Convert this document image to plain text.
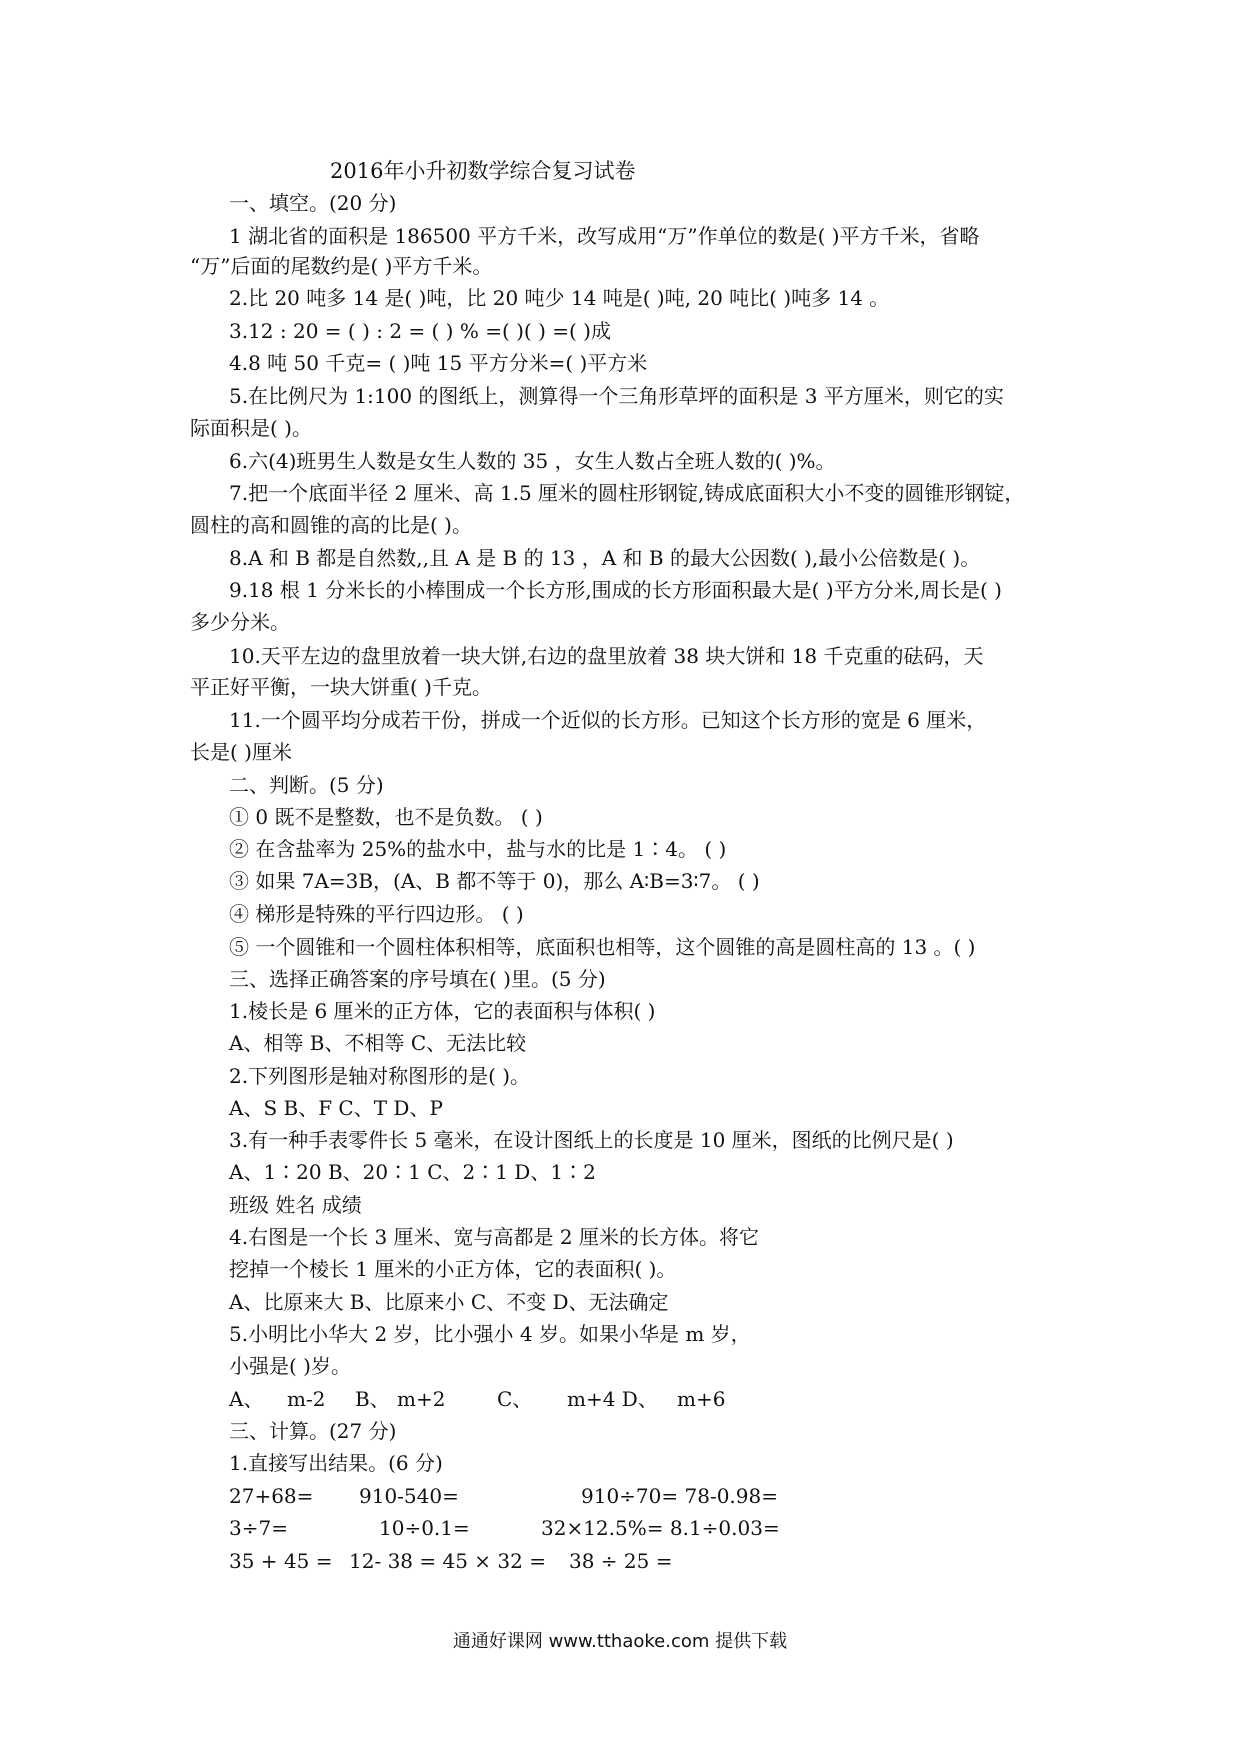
2016年小升初数学综合复习试卷

一、填空。(20 分)

1 湖北省的面积是 186500 平方千米，改写成用“万”作单位的数是( )平方千米，省略

“万”后面的尾数约是( )平方千米。

2.比 20 吨多 14 是( )吨，比 20 吨少 14 吨是( )吨, 20 吨比( )吨多 14 。

3.12 : 20 = ( ) : 2 = ( ) % =( )( ) =( )成

4.8 吨 50 千克= ( )吨 15 平方分米=( )平方米

5.在比例尺为 1:100 的图纸上，测算得一个三角形草坪的面积是 3 平方厘米，则它的实

际面积是( )。

6.六(4)班男生人数是女生人数的 35 ，女生人数占全班人数的( )%。

7.把一个底面半径 2 厘米、高 1.5 厘米的圆柱形钢锭,铸成底面积大小不变的圆锥形钢锭，

圆柱的高和圆锥的高的比是( )。

8.A 和 B 都是自然数,,且 A 是 B 的 13 ，A 和 B 的最大公因数( ),最小公倍数是( )。

9.18 根 1 分米长的小棒围成一个长方形,围成的长方形面积最大是( )平方分米,周长是( )

多少分米。

10.天平左边的盘里放着一块大饼,右边的盘里放着 38 块大饼和 18 千克重的砝码，天

平正好平衡，一块大饼重( )千克。

11.一个圆平均分成若干份，拼成一个近似的长方形。已知这个长方形的宽是 6 厘米，

长是( )厘米

二、判断。(5 分)

① 0 既不是整数，也不是负数。 ( )

② 在含盐率为 25%的盐水中，盐与水的比是 1∶4。 ( )

③ 如果 7A=3B，(A、B 都不等于 0)，那么 A∶B=3∶7。 ( )

④ 梯形是特殊的平行四边形。 ( )

⑤ 一个圆锥和一个圆柱体积相等，底面积也相等，这个圆锥的高是圆柱高的 13 。( )

三、选择正确答案的序号填在( )里。(5 分)

1.棱长是 6 厘米的正方体，它的表面积与体积( )

A、相等 B、不相等 C、无法比较

2.下列图形是轴对称图形的是( )。

A、S B、F C、T D、P

3.有一种手表零件长 5 毫米，在设计图纸上的长度是 10 厘米，图纸的比例尺是( )

A、1∶20 B、20∶1 C、2∶1 D、1∶2

班级 姓名 成绩

4.右图是一个长 3 厘米、宽与高都是 2 厘米的长方体。将它

挖掉一个棱长 1 厘米的小正方体，它的表面积( )。

A、比原来大 B、比原来小 C、不变 D、无法确定

5.小明比小华大 2 岁，比小强小 4 岁。如果小华是 m 岁，

小强是( )岁。

A、 m-2 B、 m+2	C、 m+4 D、 m+6

三、计算。(27 分)

1.直接写出结果。(6 分)

27+68= 910-540=	910÷70= 78-0.98=

3÷7=	10÷0.1=	32×12.5%= 8.1÷0.03=

35 + 45 = 12- 38 = 45 × 32 = 38 ÷ 25 =

通通好课网 www.tthaoke.com 提供下载
